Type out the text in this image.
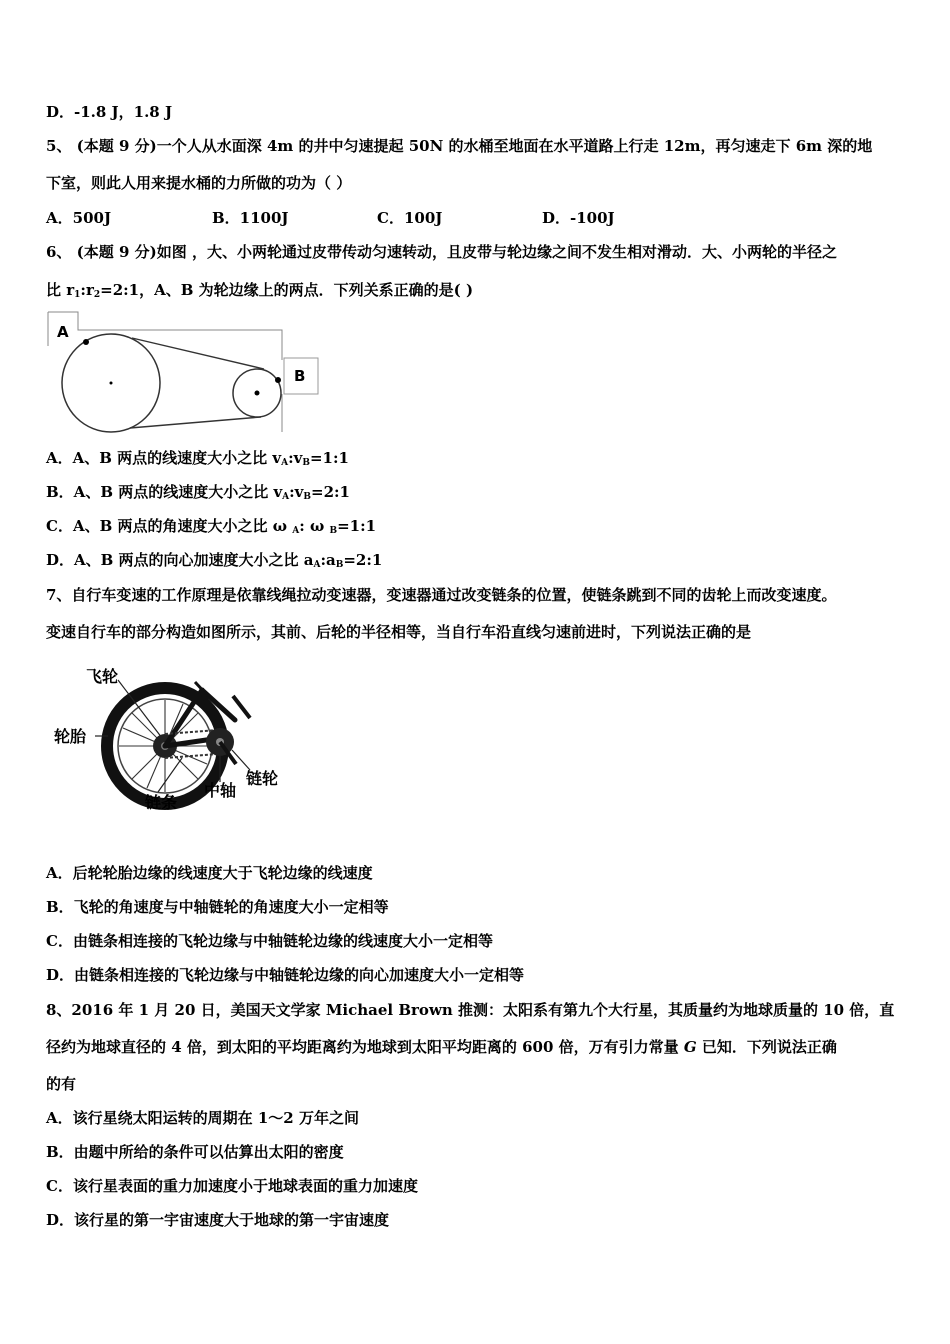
D．-1.8 J，1.8 J
5、 (本题 9 分)一个人从水面深 4m 的井中匀速提起 50N 的水桶至地面在水平道路上行走 12m，再匀速走下 6m 深的地
下室，则此人用来提水桶的力所做的功为（ ）
A．500J	B．1100J	C．100J	D．-100J
6、 (本题 9 分)如图 ，大、小两轮通过皮带传动匀速转动，且皮带与轮边缘之间不发生相对滑动．大、小两轮的半径之
比 $r_1:r_2=2:1$，A、B 为轮边缘上的两点．下列关系正确的是( )
A
B
A．A、B 两点的线速度大小之比 $v_A:v_B=1:1$
B．A、B 两点的线速度大小之比 $v_A:v_B=2:1$
C．A、B 两点的角速度大小之比 ω $_A$: ω $_B$=1:1
D．A、B 两点的向心加速度大小之比 $a_A:a_B=2:1$
7、自行车变速的工作原理是依靠线绳拉动变速器，变速器通过改变链条的位置，使链条跳到不同的齿轮上而改变速度。
变速自行车的部分构造如图所示，其前、后轮的半径相等，当自行车沿直线匀速前进时，下列说法正确的是
飞轮
轮胎
链条
中轴
链轮
A．后轮轮胎边缘的线速度大于飞轮边缘的线速度
B．飞轮的角速度与中轴链轮的角速度大小一定相等
C．由链条相连接的飞轮边缘与中轴链轮边缘的线速度大小一定相等
D．由链条相连接的飞轮边缘与中轴链轮边缘的向心加速度大小一定相等
8、2016 年 1 月 20 日，美国天文学家 Michael Brown 推测：太阳系有第九个大行星，其质量约为地球质量的 10 倍，直
径约为地球直径的 4 倍，到太阳的平均距离约为地球到太阳平均距离的 600 倍，万有引力常量 G 已知．下列说法正确
的有
A．该行星绕太阳运转的周期在 1～2 万年之间
B．由题中所给的条件可以估算出太阳的密度
C．该行星表面的重力加速度小于地球表面的重力加速度
D．该行星的第一宇宙速度大于地球的第一宇宙速度
